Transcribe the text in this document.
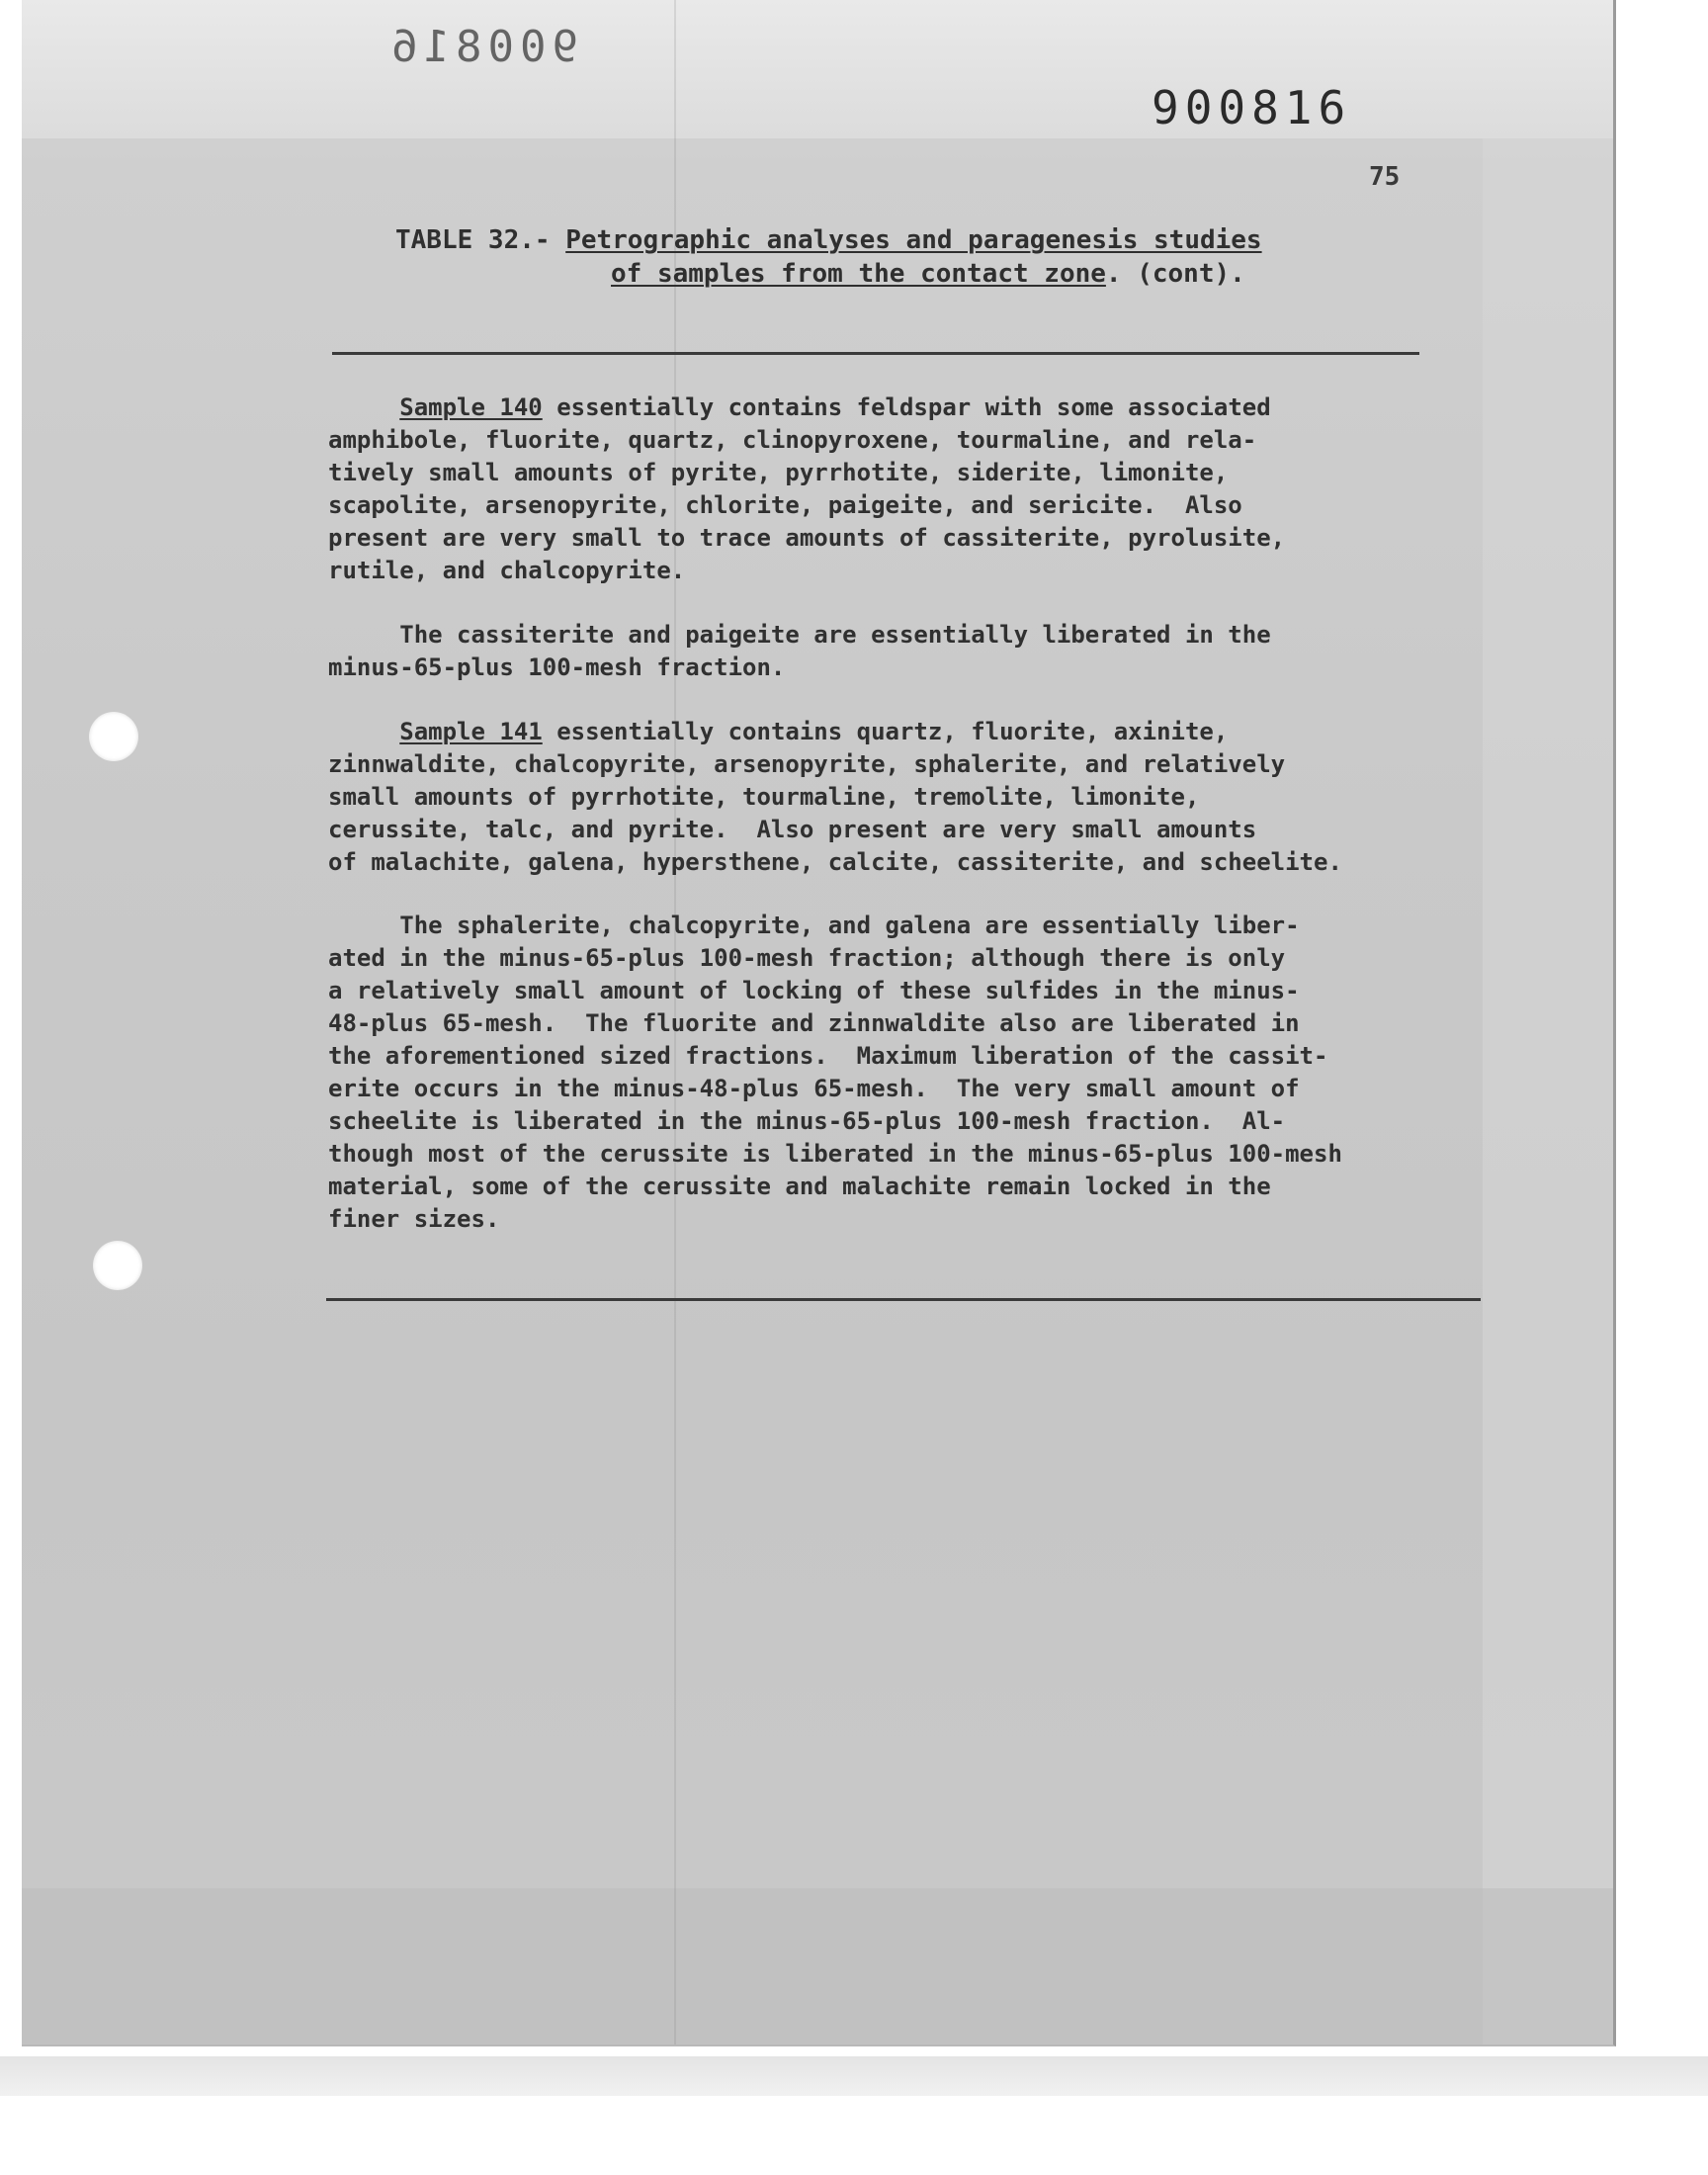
900816
900816
75
TABLE 32.- Petrographic analyses and paragenesis studies
of samples from the contact zone. (cont).
Sample 140 essentially contains feldspar with some associated
amphibole, fluorite, quartz, clinopyroxene, tourmaline, and rela-
tively small amounts of pyrite, pyrrhotite, siderite, limonite,
scapolite, arsenopyrite, chlorite, paigeite, and sericite.  Also
present are very small to trace amounts of cassiterite, pyrolusite,
rutile, and chalcopyrite.
The cassiterite and paigeite are essentially liberated in the
minus-65-plus 100-mesh fraction.
Sample 141 essentially contains quartz, fluorite, axinite,
zinnwaldite, chalcopyrite, arsenopyrite, sphalerite, and relatively
small amounts of pyrrhotite, tourmaline, tremolite, limonite,
cerussite, talc, and pyrite.  Also present are very small amounts
of malachite, galena, hypersthene, calcite, cassiterite, and scheelite.
The sphalerite, chalcopyrite, and galena are essentially liber-
ated in the minus-65-plus 100-mesh fraction; although there is only
a relatively small amount of locking of these sulfides in the minus-
48-plus 65-mesh.  The fluorite and zinnwaldite also are liberated in
the aforementioned sized fractions.  Maximum liberation of the cassit-
erite occurs in the minus-48-plus 65-mesh.  The very small amount of
scheelite is liberated in the minus-65-plus 100-mesh fraction.  Al-
though most of the cerussite is liberated in the minus-65-plus 100-mesh
material, some of the cerussite and malachite remain locked in the
finer sizes.
